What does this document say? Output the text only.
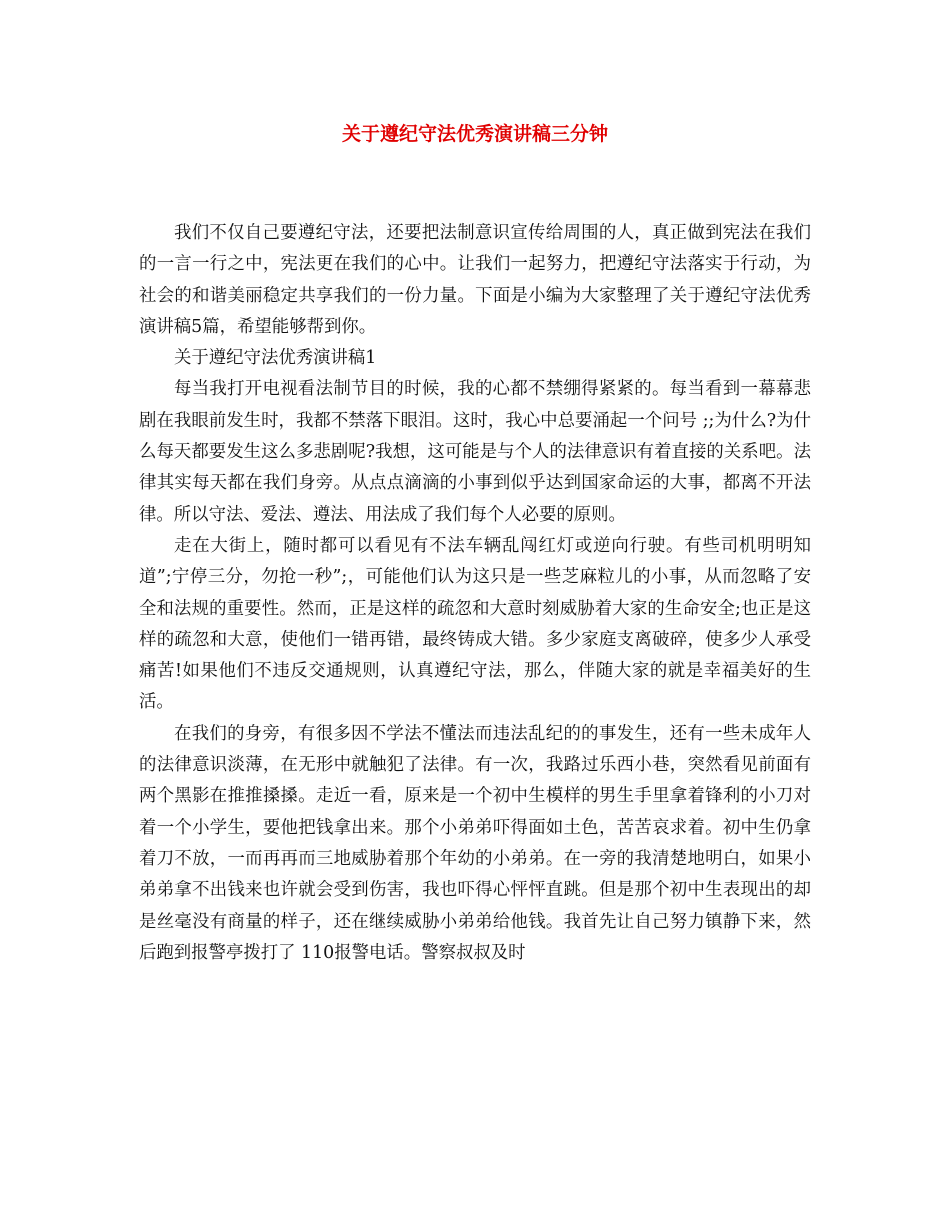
关于遵纪守法优秀演讲稿三分钟

我们不仅自己要遵纪守法，还要把法制意识宣传给周围的人，真正做到宪法在我们的一言一行之中，宪法更在我们的心中。让我们一起努力，把遵纪守法落实于行动，为社会的和谐美丽稳定共享我们的一份力量。下面是小编为大家整理了关于遵纪守法优秀演讲稿5篇，希望能够帮到你。

关于遵纪守法优秀演讲稿1

每当我打开电视看法制节目的时候，我的心都不禁绷得紧紧的。每当看到一幕幕悲剧在我眼前发生时，我都不禁落下眼泪。这时，我心中总要涌起一个问号 ;;为什么?为什么每天都要发生这么多悲剧呢?我想，这可能是与个人的法律意识有着直接的关系吧。法律其实每天都在我们身旁。从点点滴滴的小事到似乎达到国家命运的大事，都离不开法律。所以守法、爱法、遵法、用法成了我们每个人必要的原则。

走在大街上，随时都可以看见有不法车辆乱闯红灯或逆向行驶。有些司机明明知道”;宁停三分，勿抢一秒”;，可能他们认为这只是一些芝麻粒儿的小事，从而忽略了安全和法规的重要性。然而，正是这样的疏忽和大意时刻威胁着大家的生命安全;也正是这样的疏忽和大意，使他们一错再错，最终铸成大错。多少家庭支离破碎，使多少人承受痛苦!如果他们不违反交通规则，认真遵纪守法，那么，伴随大家的就是幸福美好的生活。

在我们的身旁，有很多因不学法不懂法而违法乱纪的的事发生，还有一些未成年人的法律意识淡薄，在无形中就触犯了法律。有一次，我路过乐西小巷，突然看见前面有两个黑影在推推搡搡。走近一看，原来是一个初中生模样的男生手里拿着锋利的小刀对着一个小学生，要他把钱拿出来。那个小弟弟吓得面如土色，苦苦哀求着。初中生仍拿着刀不放，一而再再而三地威胁着那个年幼的小弟弟。在一旁的我清楚地明白，如果小弟弟拿不出钱来也许就会受到伤害，我也吓得心怦怦直跳。但是那个初中生表现出的却是丝毫没有商量的样子，还在继续威胁小弟弟给他钱。我首先让自己努力镇静下来，然后跑到报警亭拨打了 110报警电话。警察叔叔及时
